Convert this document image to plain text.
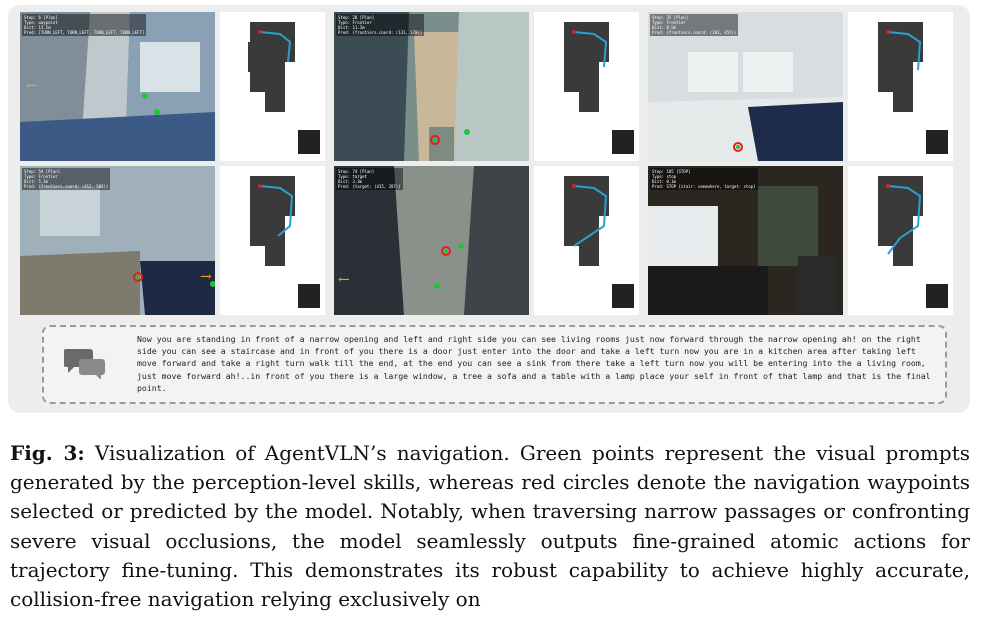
←
Step: 6 [Plan]
Type: waypoint
Dist: 13.5m
Pred: [TURN_LEFT, TURN_LEFT, TURN_LEFT, TURN_LEFT]
Step: 20 [Plan]
Type: Frontier
Dist: 11.3m
Pred: {frontiers.coord: (131, 178)}
Step: 35 [Plan]
Type: Frontier
Dist: 8.5m
Pred: {frontiers.coord: (201, 455)}
→
Step: 54 [Plan]
Type: Frontier
Dist: 5.1m
Pred: {frontiers.coord: (412, 506)}
←
Step: 74 [Plan]
Type: target
Dist: 3.3m
Pred: {target: (415, 287)}
Step: 105 [STOP]
Type: stop
Dist: 0.1m
Pred: STOP {stair: somewhere, target: stop}
Now you are standing in front of a narrow opening and left and right side you can see living rooms just now forward through the narrow opening ah! on the right side you can see a staircase and in front of you there is a door just enter into the door and take a left turn now you are in a kitchen area after taking left move forward and take a right turn walk till the end, at the end you can see a sink from there take a left turn now you will be entering into the a living room, just move forward ah!..in front of you there is a large window, a tree a sofa and a table with a lamp place your self in front of that lamp and that is the final point.
Fig. 3: Visualization of AgentVLN’s navigation. Green points represent the visual prompts generated by the perception-level skills, whereas red circles denote the navigation waypoints selected or predicted by the model. Notably, when traversing narrow passages or confronting severe visual occlusions, the model seamlessly outputs fine-grained atomic actions for trajectory fine-tuning. This demonstrates its robust capability to achieve highly accurate, collision-free navigation relying exclusively on
